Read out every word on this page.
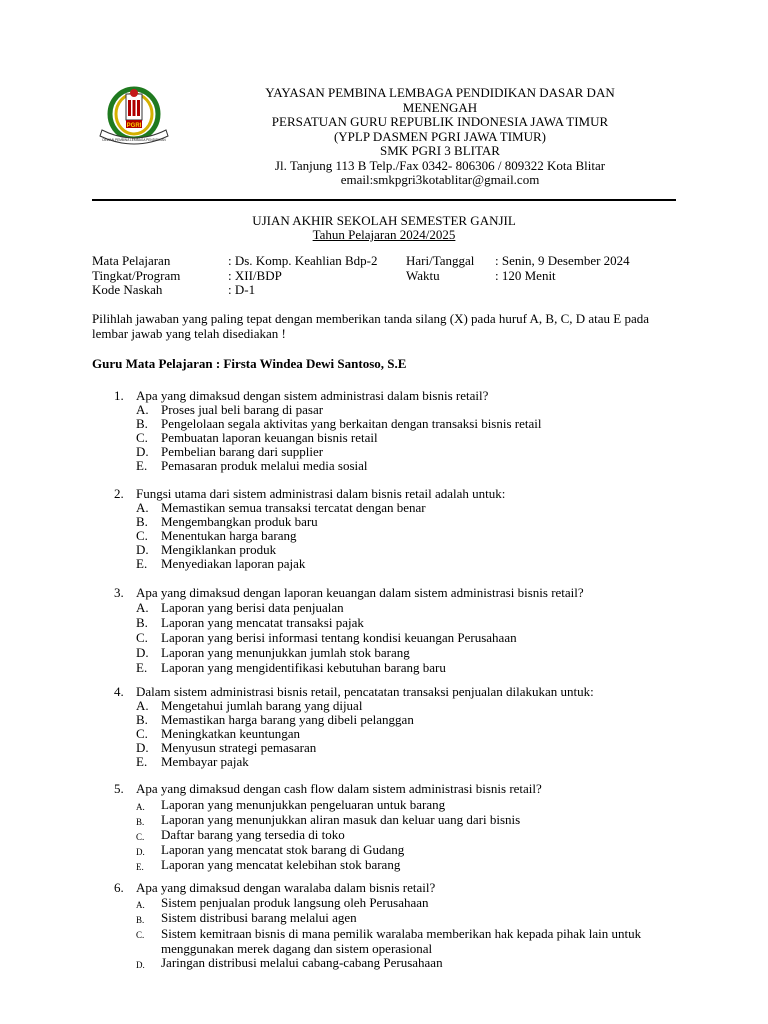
PGRI
DEWAN PEMBINA LEMBAGA PENDIDIKAN
YAYASAN PEMBINA LEMBAGA PENDIDIKAN DASAR DAN
MENENGAH
PERSATUAN GURU REPUBLIK INDONESIA JAWA TIMUR
(YPLP DASMEN PGRI JAWA TIMUR)
SMK PGRI 3 BLITAR
Jl. Tanjung 113 B Telp./Fax 0342- 806306 / 809322 Kota Blitar
email:smkpgri3kotablitar@gmail.com
UJIAN AKHIR SEKOLAH SEMESTER GANJIL
Tahun Pelajaran 2024/2025
Mata Pelajaran	: Ds. Komp. Keahlian Bdp-2 Hari/Tanggal : Senin, 9 Desember 2024
Tingkat/Program	: XII/BDP	Waktu	: 120 Menit
Kode Naskah	: D-1
Pilihlah jawaban yang paling tepat dengan memberikan tanda silang (X) pada huruf A, B, C, D atau E pada lembar jawab yang telah disediakan !
Guru Mata Pelajaran : Firsta Windea Dewi Santoso, S.E
1. Apa yang dimaksud dengan sistem administrasi dalam bisnis retail?
A. Proses jual beli barang di pasar
B.	Pengelolaan segala aktivitas yang berkaitan dengan transaksi bisnis retail
C.	Pembuatan laporan keuangan bisnis retail
D. Pembelian barang dari supplier
E.	Pemasaran produk melalui media sosial
2. Fungsi utama dari sistem administrasi dalam bisnis retail adalah untuk:
A. Memastikan semua transaksi tercatat dengan benar
B.	Mengembangkan produk baru
C.	Menentukan harga barang
D. Mengiklankan produk
E.	Menyediakan laporan pajak
3. Apa yang dimaksud dengan laporan keuangan dalam sistem administrasi bisnis retail?
A. Laporan yang berisi data penjualan
B.	Laporan yang mencatat transaksi pajak
C.	Laporan yang berisi informasi tentang kondisi keuangan Perusahaan
D. Laporan yang menunjukkan jumlah stok barang
E.	Laporan yang mengidentifikasi kebutuhan barang baru
4. Dalam sistem administrasi bisnis retail, pencatatan transaksi penjualan dilakukan untuk:
A. Mengetahui jumlah barang yang dijual
B.	Memastikan harga barang yang dibeli pelanggan
C.	Meningkatkan keuntungan
D. Menyusun strategi pemasaran
E.	Membayar pajak
5. Apa yang dimaksud dengan cash flow dalam sistem administrasi bisnis retail?
A.	Laporan yang menunjukkan pengeluaran untuk barang
B.	Laporan yang menunjukkan aliran masuk dan keluar uang dari bisnis
C.	Daftar barang yang tersedia di toko
D.	Laporan yang mencatat stok barang di Gudang
E.	Laporan yang mencatat kelebihan stok barang
6. Apa yang dimaksud dengan waralaba dalam bisnis retail?
A.	Sistem penjualan produk langsung oleh Perusahaan
B.	Sistem distribusi barang melalui agen
C.	Sistem kemitraan bisnis di mana pemilik waralaba memberikan hak kepada pihak lain untuk menggunakan merek dagang dan sistem operasional
D.	Jaringan distribusi melalui cabang-cabang Perusahaan
